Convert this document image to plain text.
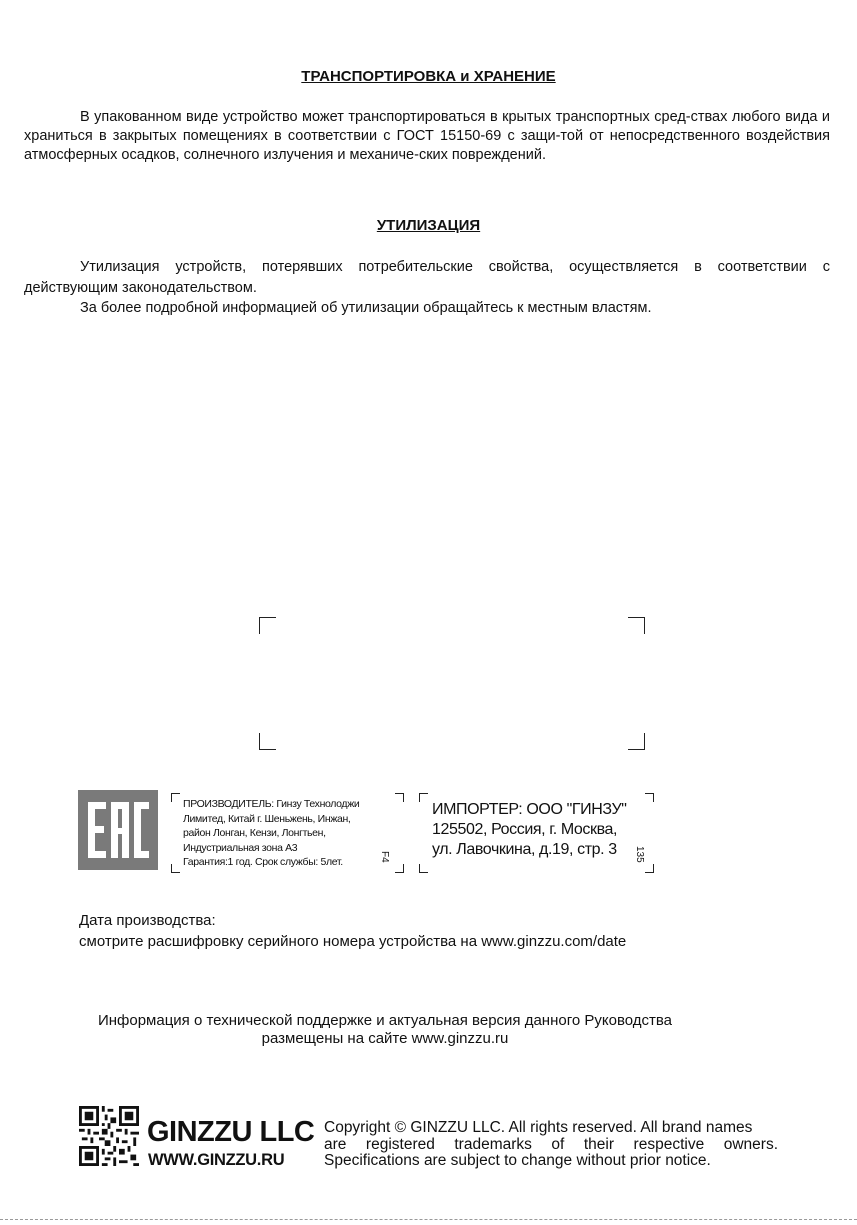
ТРАНСПОРТИРОВКА и ХРАНЕНИЕ
В упакованном виде устройство может транспортироваться в крытых транспортных сред-ствах любого вида и храниться в закрытых помещениях в соответствии с ГОСТ 15150-69 с защи-той от непосредственного воздействия атмосферных осадков, солнечного излучения и механиче-ских повреждений.
УТИЛИЗАЦИЯ
Утилизация устройств, потерявших потребительские свойства, осуществляется в соответствии с действующим законодательством.
За более подробной информацией об утилизации обращайтесь к местным властям.
ПРОИЗВОДИТЕЛЬ: Гинзу Технолоджи
Лимитед, Китай г. Шеньжень, Инжан,
район Лонган, Кензи, Лонгтьен,
Индустриальная зона А3
Гарантия:1 год. Срок службы: 5лет.	F4
ИМПОРТЕР: ООО "ГИНЗУ"
125502, Россия, г. Москва,
ул. Лавочкина, д.19, стр. 3	135
Дата производства:
смотрите расшифровку серийного номера устройства на www.ginzzu.com/date
Информация о технической поддержке и актуальная версия данного Руководства
размещены на сайте www.ginzzu.ru
GINZZU LLC
WWW.GINZZU.RU
Copyright © GINZZU LLC. All rights reserved. All brand names
are registered trademarks of their respective owners.
Specifications are subject to change without prior notice.
